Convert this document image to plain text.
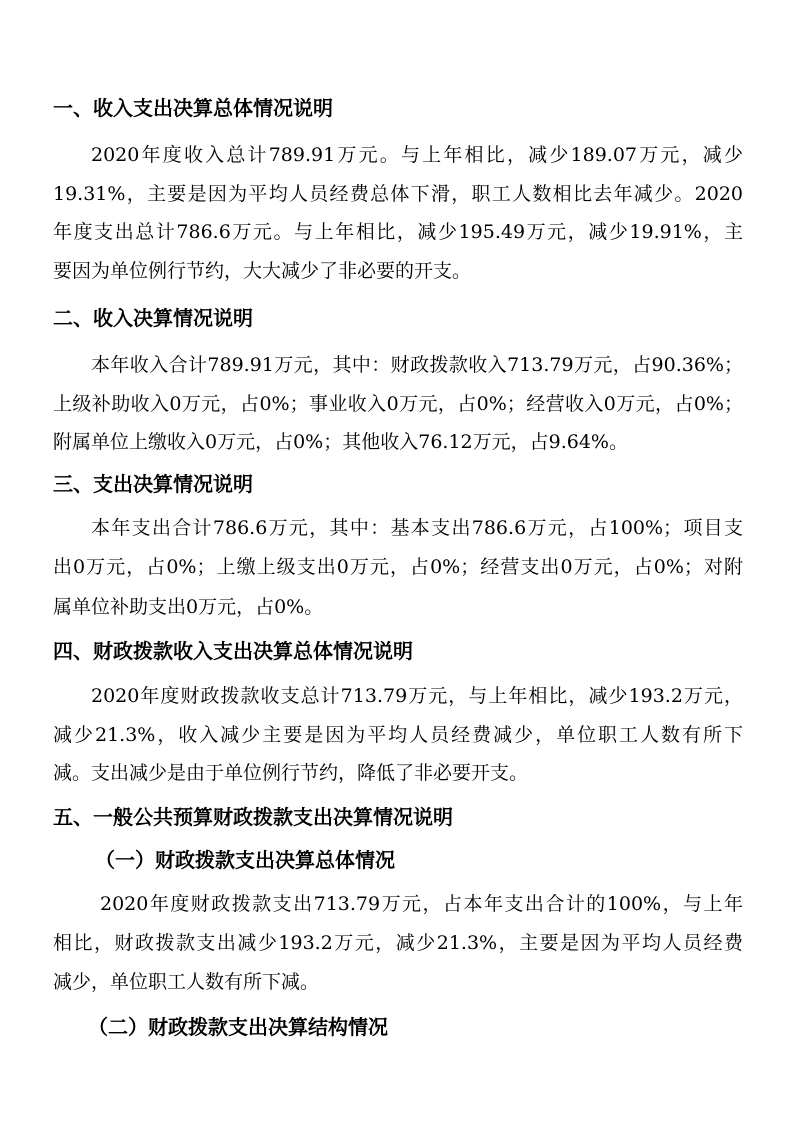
一、收入支出决算总体情况说明
2020年度收入总计789.91万元。与上年相比，减少189.07万元，减少
19.31%，主要是因为平均人员经费总体下滑，职工人数相比去年减少。2020
年度支出总计786.6万元。与上年相比，减少195.49万元，减少19.91%，主
要因为单位例行节约，大大减少了非必要的开支。
二、收入决算情况说明
本年收入合计789.91万元，其中：财政拨款收入713.79万元，占90.36%；
上级补助收入0万元，占0%；事业收入0万元，占0%；经营收入0万元，占0%；
附属单位上缴收入0万元，占0%；其他收入76.12万元，占9.64%。
三、支出决算情况说明
本年支出合计786.6万元，其中：基本支出786.6万元，占100%；项目支
出0万元，占0%；上缴上级支出0万元，占0%；经营支出0万元，占0%；对附
属单位补助支出0万元，占0%。
四、财政拨款收入支出决算总体情况说明
2020年度财政拨款收支总计713.79万元，与上年相比，减少193.2万元，
减少21.3%，收入减少主要是因为平均人员经费减少，单位职工人数有所下
减。支出减少是由于单位例行节约，降低了非必要开支。
五、一般公共预算财政拨款支出决算情况说明
（一）财政拨款支出决算总体情况
2020年度财政拨款支出713.79万元，占本年支出合计的100%，与上年
相比，财政拨款支出减少193.2万元，减少21.3%，主要是因为平均人员经费
减少，单位职工人数有所下减。
（二）财政拨款支出决算结构情况
